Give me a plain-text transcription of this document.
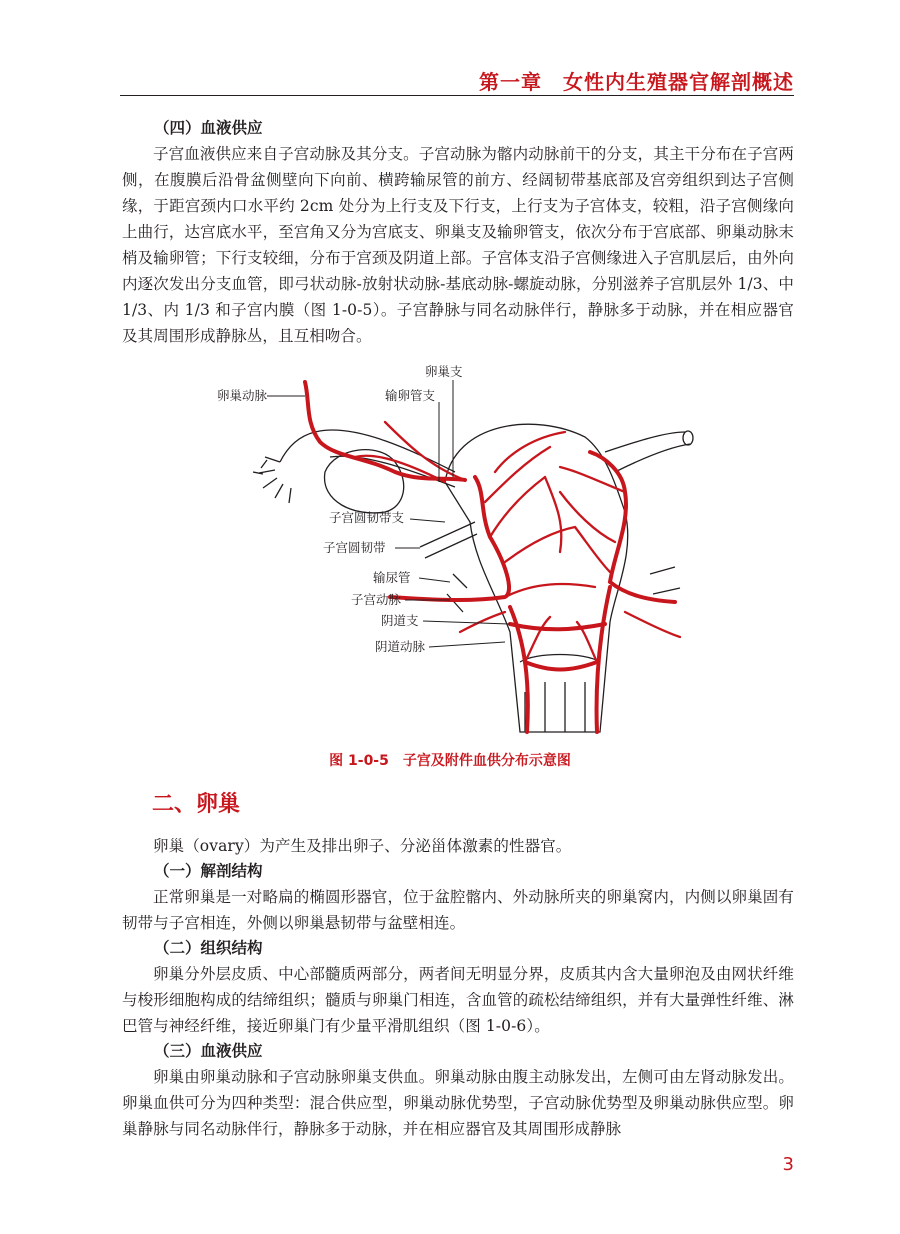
第一章　女性内生殖器官解剖概述

（四）血液供应

子宫血液供应来自子宫动脉及其分支。子宫动脉为髂内动脉前干的分支，其主干分布在子宫两侧，在腹膜后沿骨盆侧壁向下向前、横跨输尿管的前方、经阔韧带基底部及宫旁组织到达子宫侧缘，于距宫颈内口水平约 2cm 处分为上行支及下行支，上行支为子宫体支，较粗，沿子宫侧缘向上曲行，达宫底水平，至宫角又分为宫底支、卵巢支及输卵管支，依次分布于宫底部、卵巢动脉末梢及输卵管；下行支较细，分布于宫颈及阴道上部。子宫体支沿子宫侧缘进入子宫肌层后，由外向内逐次发出分支血管，即弓状动脉-放射状动脉-基底动脉-螺旋动脉，分别滋养子宫肌层外 1/3、中 1/3、内 1/3 和子宫内膜（图 1-0-5）。子宫静脉与同名动脉伴行，静脉多于动脉，并在相应器官及其周围形成静脉丛，且互相吻合。

卵巢动脉
卵巢支
输卵管支
子宫圆韧带支
子宫圆韧带
输尿管
子宫动脉
阴道支
阴道动脉
图 1-0-5　子宫及附件血供分布示意图
二、卵巢

卵巢（ovary）为产生及排出卵子、分泌甾体激素的性器官。

（一）解剖结构

正常卵巢是一对略扁的椭圆形器官，位于盆腔髂内、外动脉所夹的卵巢窝内，内侧以卵巢固有韧带与子宫相连，外侧以卵巢悬韧带与盆壁相连。

（二）组织结构

卵巢分外层皮质、中心部髓质两部分，两者间无明显分界，皮质其内含大量卵泡及由网状纤维与梭形细胞构成的结缔组织；髓质与卵巢门相连，含血管的疏松结缔组织，并有大量弹性纤维、淋巴管与神经纤维，接近卵巢门有少量平滑肌组织（图 1-0-6）。

（三）血液供应

卵巢由卵巢动脉和子宫动脉卵巢支供血。卵巢动脉由腹主动脉发出，左侧可由左肾动脉发出。卵巢血供可分为四种类型：混合供应型，卵巢动脉优势型，子宫动脉优势型及卵巢动脉供应型。卵巢静脉与同名动脉伴行，静脉多于动脉，并在相应器官及其周围形成静脉

3
